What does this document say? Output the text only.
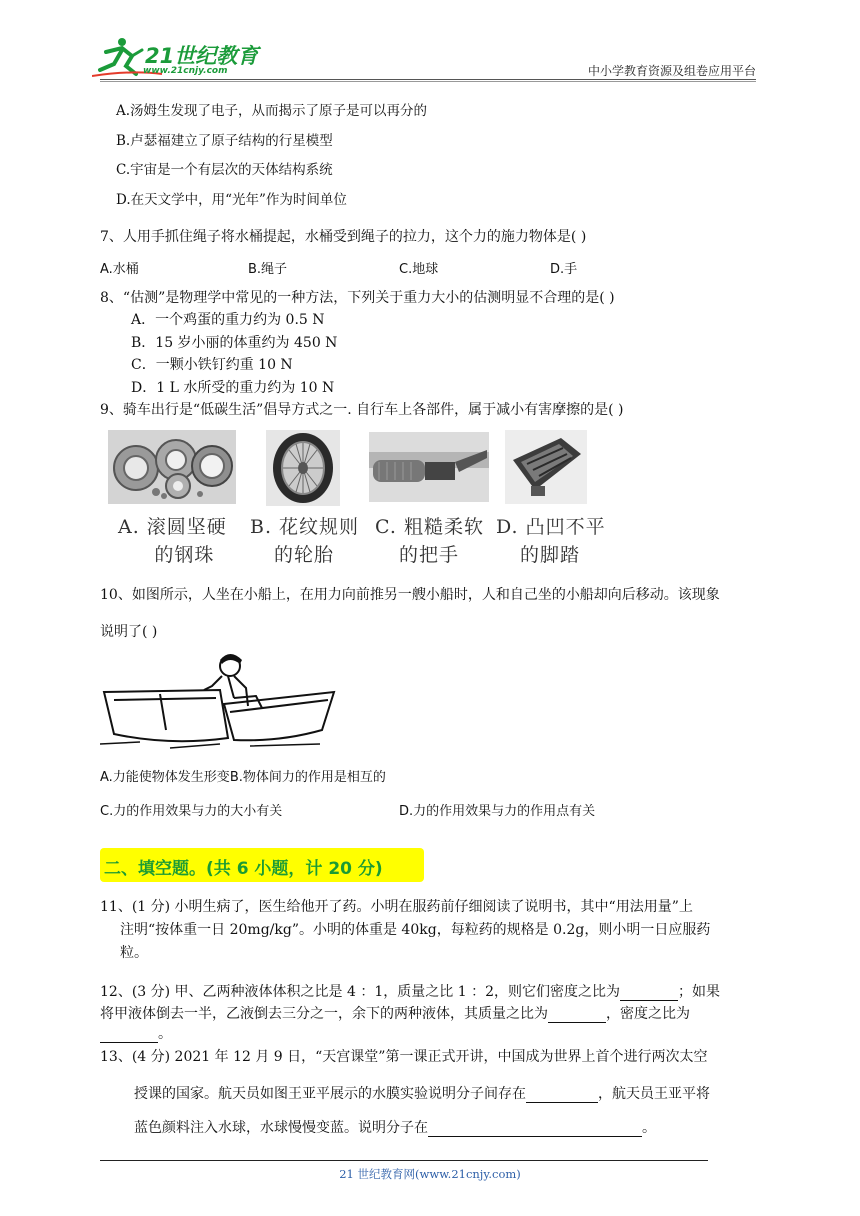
21世纪教育
www.21cnjy.com	中小学教育资源及组卷应用平台
A.汤姆生发现了电子，从而揭示了原子是可以再分的
B.卢瑟福建立了原子结构的行星模型
C.宇宙是一个有层次的天体结构系统
D.在天文学中，用“光年”作为时间单位
7、人用手抓住绳子将水桶提起，水桶受到绳子的拉力，这个力的施力物体是( )
A.水桶	B.绳子	C.地球	D.手
8、“估测”是物理学中常见的一种方法，下列关于重力大小的估测明显不合理的是( )
A．一个鸡蛋的重力约为 0.5 N
B．15 岁小丽的体重约为 450 N
C．一颗小铁钉约重 10 N
D．1 L 水所受的重力约为 10 N
9、骑车出行是“低碳生活”倡导方式之一. 自行车上各部件，属于减小有害摩擦的是( )
A. 滚圆坚硬
的钢珠
B. 花纹规则
的轮胎
C. 粗糙柔软
的把手
D. 凸凹不平
的脚踏
10、如图所示，人坐在小船上，在用力向前推另一艘小船时，人和自己坐的小船却向后移动。该现象
说明了( )
A.力能使物体发生形变B.物体间力的作用是相互的
C.力的作用效果与力的大小有关	D.力的作用效果与力的作用点有关
二、填空题。(共 6 小题，计 20 分)
11、(1 分) 小明生病了，医生给他开了药。小明在服药前仔细阅读了说明书，其中“用法用量”上
注明“按体重一日 20mg/kg”。小明的体重是 40kg，每粒药的规格是 0.2g，则小明一日应服药
粒。
12、(3 分) 甲、乙两种液体体积之比是 4 ：1，质量之比 1 ：2，则它们密度之比为	；如果
将甲液体倒去一半，乙液倒去三分之一，余下的两种液体，其质量之比为	，密度之比为
。
13、(4 分) 2021 年 12 月 9 日，“天宫课堂”第一课正式开讲，中国成为世界上首个进行两次太空
授课的国家。航天员如图王亚平展示的水膜实验说明分子间存在	，航天员王亚平将
蓝色颜料注入水球，水球慢慢变蓝。说明分子在	。
21 世纪教育网(www.21cnjy.com)
